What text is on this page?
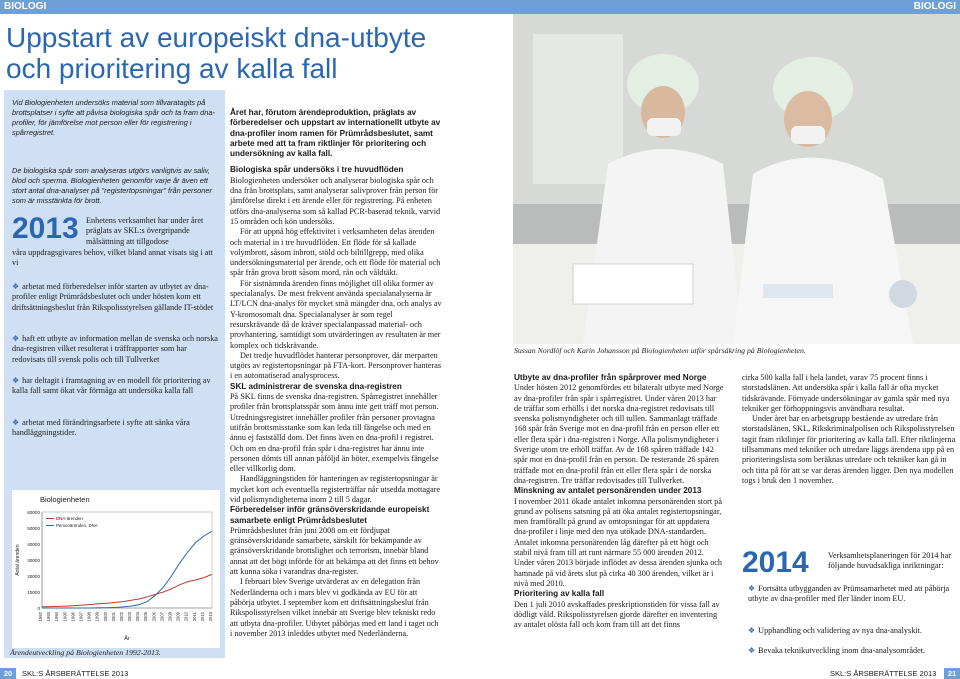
BIOLOGI	BIOLOGI
Uppstart av europeiskt dna-utbyte
och prioritering av kalla fall

Vid Biologienheten undersöks material som tillvaratagits på brottsplatser i syfte att påvisa biologiska spår och ta fram dna-profiler, för jämförelse mot person eller för registrering i spårregistret.

De biologiska spår som analyseras utgörs vanligtvis av saliv, blod och sperma. Biologienheten genomför varje år även ett stort antal dna-analyser på "registertopsningar" från personer som är misstänkta för brott.

2013 Enhetens verksamhet har under året präglats av SKL:s övergripande målsättning att tillgodose
våra uppdragsgivares behov, vilket bland annat visats sig i att vi
❖ arbetat med förberedelser inför starten av utbytet av dna-profiler enligt Prümrådsbeslutet och under hösten kom ett driftsättningsbeslut från Rikspolisstyrelsen gällande IT-stödet
❖ haft ett utbyte av information mellan de svenska och norska dna-registren vilket resulterat i träffrapporter som har redovisats till svensk polis och till Tullverket
❖ har deltagit i framtagning av en modell för prioritering av kalla fall samt ökat vår förmåga att undersöka kalla fall
❖ arbetat med förändringsarbete i syfte att sänka våra handläggningstider.
Biologienheten
0
10000
20000
30000
40000
50000
60000
1992 1993 1994 1995 1996 1997 1998 1999 2000 2001 2002 2003 2004 2005 2006 2007 2008 2009 2010 2011 2012 2013
Antal ärenden
År
DNA-ärenden
Personärenden, DNA
Ärendeutveckling på Biologienheten 1992-2013.

Året har, förutom ärendeproduktion, präglats av förberedelser och uppstart av internationellt utbyte av dna-profiler inom ramen för Prümrådsbeslutet, samt arbete med att ta fram riktlinjer för prioritering och undersökning av kalla fall.

Biologiska spår undersöks i tre huvudflöden

Biologienheten undersöker och analyserar biologiska spår och dna från brottsplats, samt analyserar salivprover från person för jämförelse direkt i ett ärende eller för registrering. På enheten utförs dna-analyserna som så kallad PCR-baserad teknik, varvid 15 områden och kön undersöks.

För att uppnå hög effektivitet i verksamheten delas ärenden och material in i tre huvudflöden. Ett flöde för så kallade volymbrott, såsom inbrott, stöld och biltillgrepp, med olika undersökningsmaterial per ärende, och ett flöde för material och spår från grova brott såsom mord, rån och våldtäkt.

För sistnämnda ärenden finns möjlighet till olika former av specialanalys. De mest frekvent använda specialanalyserna är LT/LCN dna-analys för mycket små mängder dna, och analys av Y-kromosomalt dna. Specialanalyser är som regel resurskrävande då de kräver specialanpassad material- och provhantering, samtidigt som utvärderingen av resultaten är mer komplex och tidskrävande.

Det tredje huvudflödet hanterar personprover, där merparten utgörs av registertopsningar på FTA-kort. Personprover hanteras i en automatiserad analysprocess.

SKL administrerar de svenska dna-registren

På SKL finns de svenska dna-registren. Spårregistret innehåller profiler från brottsplatsspår som ännu inte gett träff mot person. Utredningsregistret innehåller profiler från personer provtagna utifrån brottsmisstanke som kan leda till fängelse och med en ännu ej fastställd dom. Det finns även en dna-profil i registret. Och om en dna-profil från spår i dna-registret har ännu inte personen dömts till annan påföljd än böter, exempelvis fängelse eller villkorlig dom.

Handläggningstiden för hanteringen av registertopsningar är mycket kort och eventuella registerträffar når utsedda mottagare vid polismyndigheterna inom 2 till 5 dagar.

Förberedelser inför gränsöverskridande europeiskt samarbete enligt Prümrådsbeslutet

Prümrådsbeslutet från juni 2008 om ett fördjupat gränsöverskridande samarbete, särskilt för bekämpande av gränsöverskridande brottslighet och terrorism, innebär bland annat att det bögt införde för att bekämpa att det finns ett behov att kunna söka i varandras dna-register.

I februari blev Sverige utvärderat av en delegation från Nederländerna och i mars blev vi godkända av EU för att påbörja utbytet. I september kom ett driftsättningsbeslut från Rikspolisstyrelsen vilket innebär att Sverige blev tekniskt redo att utbyta dna-profiler. Utbytet påbörjas med ett land i taget och i november 2013 inleddes utbytet med Nederländerna.

Sussan Nordlöf och Karin Johansson på Biologienheten utför spårsäkring på Biologienheten.

Utbyte av dna-profiler från spårprover med Norge

Under hösten 2012 genomfördes ett bilateralt utbyte med Norge av dna-profiler från spår i spårregistret. Under våren 2013 har de träffar som erhölls i det norska dna-registret redovisats till svenska polismyndigheter och till tullen. Sammanlagt träffade 168 spår från Sverige mot en dna-profil från en person eller ett eller flera spår i dna-registren i Norge. Alla polismyndigheter i Sverige utom tre erhöll träffar. Av de 168 spåren träffade 142 spår mot en dna-profil från en person. De resterande 26 spåren träffade mot en dna-profil från ett eller flera spår i de norska dna-registren. Tre träffar redovisades till Tullverket.

Minskning av antalet personärenden under 2013

I november 2011 ökade antalet inkomna personärenden stort på grund av polisens satsning på att öka antalet registertopsningar, men framförallt på grund av omtopsningar för att uppdatera dna-profiler i linje med den nya utökade DNA-standarden. Antalet inkomna personärenden låg därefter på ett högt och stabil nivå fram till att runt närmare 55 000 ärenden 2012. Under våren 2013 började inflödet av dessa ärenden sjunka och hamnade på vid årets slut på cirka 40 300 ärenden, vilket är i nivå med 2010.

Prioritering av kalla fall

Den 1 juli 2010 avskaffades preskriptionstiden för vissa fall av dödligt våld. Rikspolisstyrelsen gjorde därefter en inventering av antalet olösta fall och kom fram till att det finns

cirka 500 kalla fall i hela landet, varav 75 procent finns i storstadslänen. Att undersöka spår i kalla fall är ofta mycket tidskrävande. Förnyade undersökningar av gamla spår med nya tekniker ger förhoppningsvis användbara resultat.

Under året har en arbetsgrupp bestående av utredare från storstadslänen, SKL, Rikskriminalpolisen och Rikspolisstyrelsen tagit fram riktlinjer för prioritering av kalla fall. Efter riktlinjerna tillsammans med tekniker och utredare läggs ärendena upp på en prioriteringslista som beräknas utredare och tekniker kan gå in och titta på för att se var deras ärenden ligger. Den nya modellen togs i bruk den 1 november.

2014 Verksamhetsplaneringen för 2014 har följande huvudsakliga inriktningar:
❖ Fortsätta utbygganden av Prümsamarbetet med att påbörja utbyte av dna-profiler med fler länder inom EU.
❖ Upphandling och validering av nya dna-analyskit.
❖ Bevaka teknikutveckling inom dna-analysområdet.
20	SKL:S ÅRSBERÄTTELSE 2013	SKL:S ÅRSBERÄTTELSE 2013	21
